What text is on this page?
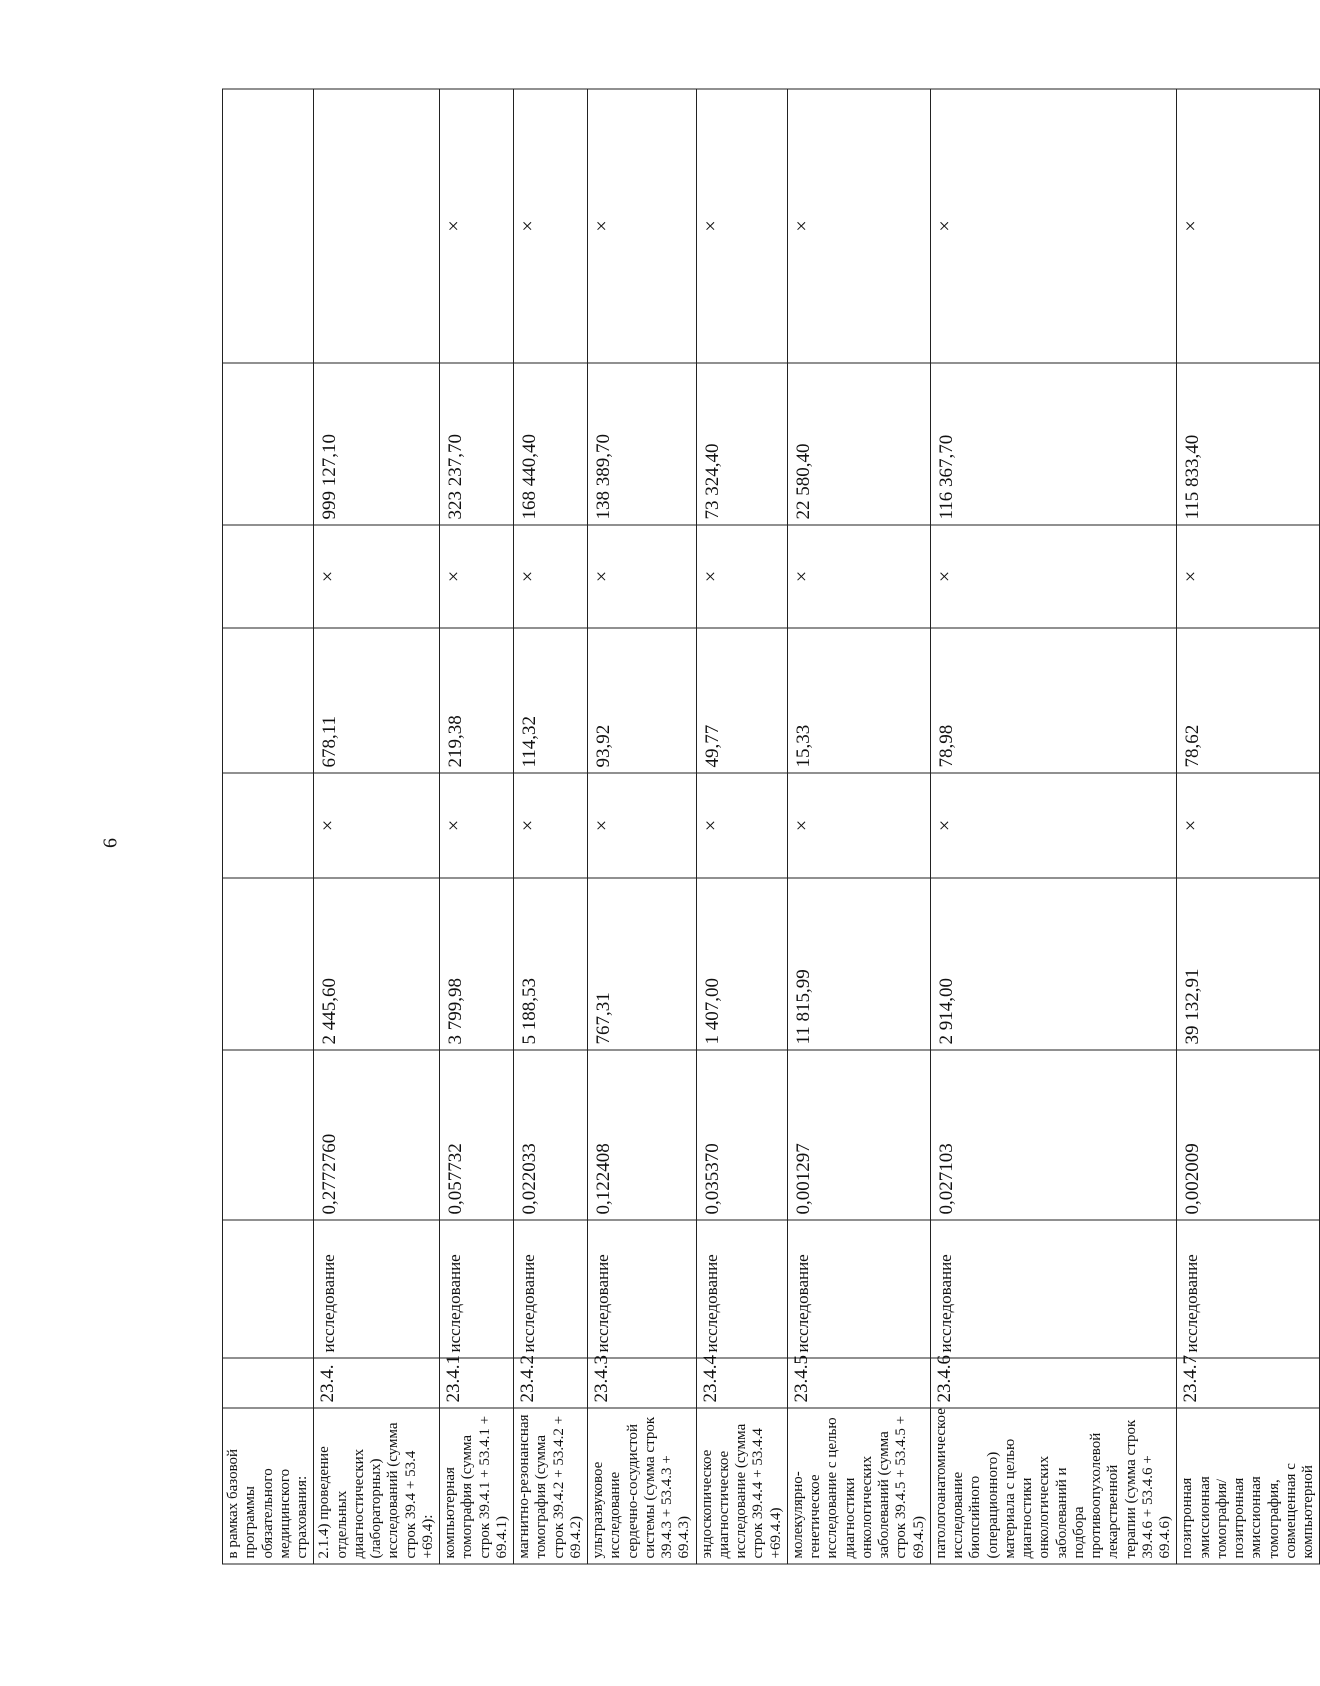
6
в рамках базовой программы обязательного медицинского страхования:									
2.1.4) проведение отдельных диагностических (лабораторных) исследований (сумма строк 39.4 + 53.4 +69.4):	23.4.	исследование	0,2772760	2 445,60	×	678,11	×	999 127,10	
компьютерная томография (сумма строк 39.4.1 + 53.4.1 + 69.4.1)	23.4.1	исследование	0,057732	3 799,98	×	219,38	×	323 237,70	×
магнитно-резонансная томография (сумма строк 39.4.2 + 53.4.2 + 69.4.2)	23.4.2	исследование	0,022033	5 188,53	×	114,32	×	168 440,40	×
ультразвуковое исследование сердечно-сосудистой системы (сумма строк 39.4.3 + 53.4.3 + 69.4.3)	23.4.3	исследование	0,122408	767,31	×	93,92	×	138 389,70	×
эндоскопическое диагностическое исследование (сумма строк 39.4.4 + 53.4.4 +69.4.4)	23.4.4	исследование	0,035370	1 407,00	×	49,77	×	73 324,40	×
молекулярно-генетическое исследование с целью диагностики онкологических заболеваний (сумма строк 39.4.5 + 53.4.5 + 69.4.5)	23.4.5	исследование	0,001297	11 815,99	×	15,33	×	22 580,40	×
патологоанатомическое исследование биопсийного (операционного) материала с целью диагностики онкологических заболеваний и подбора противоопухолевой лекарственной терапии (сумма строк 39.4.6 + 53.4.6 + 69.4.6)	23.4.6	исследование	0,027103	2 914,00	×	78,98	×	116 367,70	×
позитронная эмиссионная томография/позитронная эмиссионная томография, совмещенная с компьютерной	23.4.7	исследование	0,002009	39 132,91	×	78,62	×	115 833,40	×
